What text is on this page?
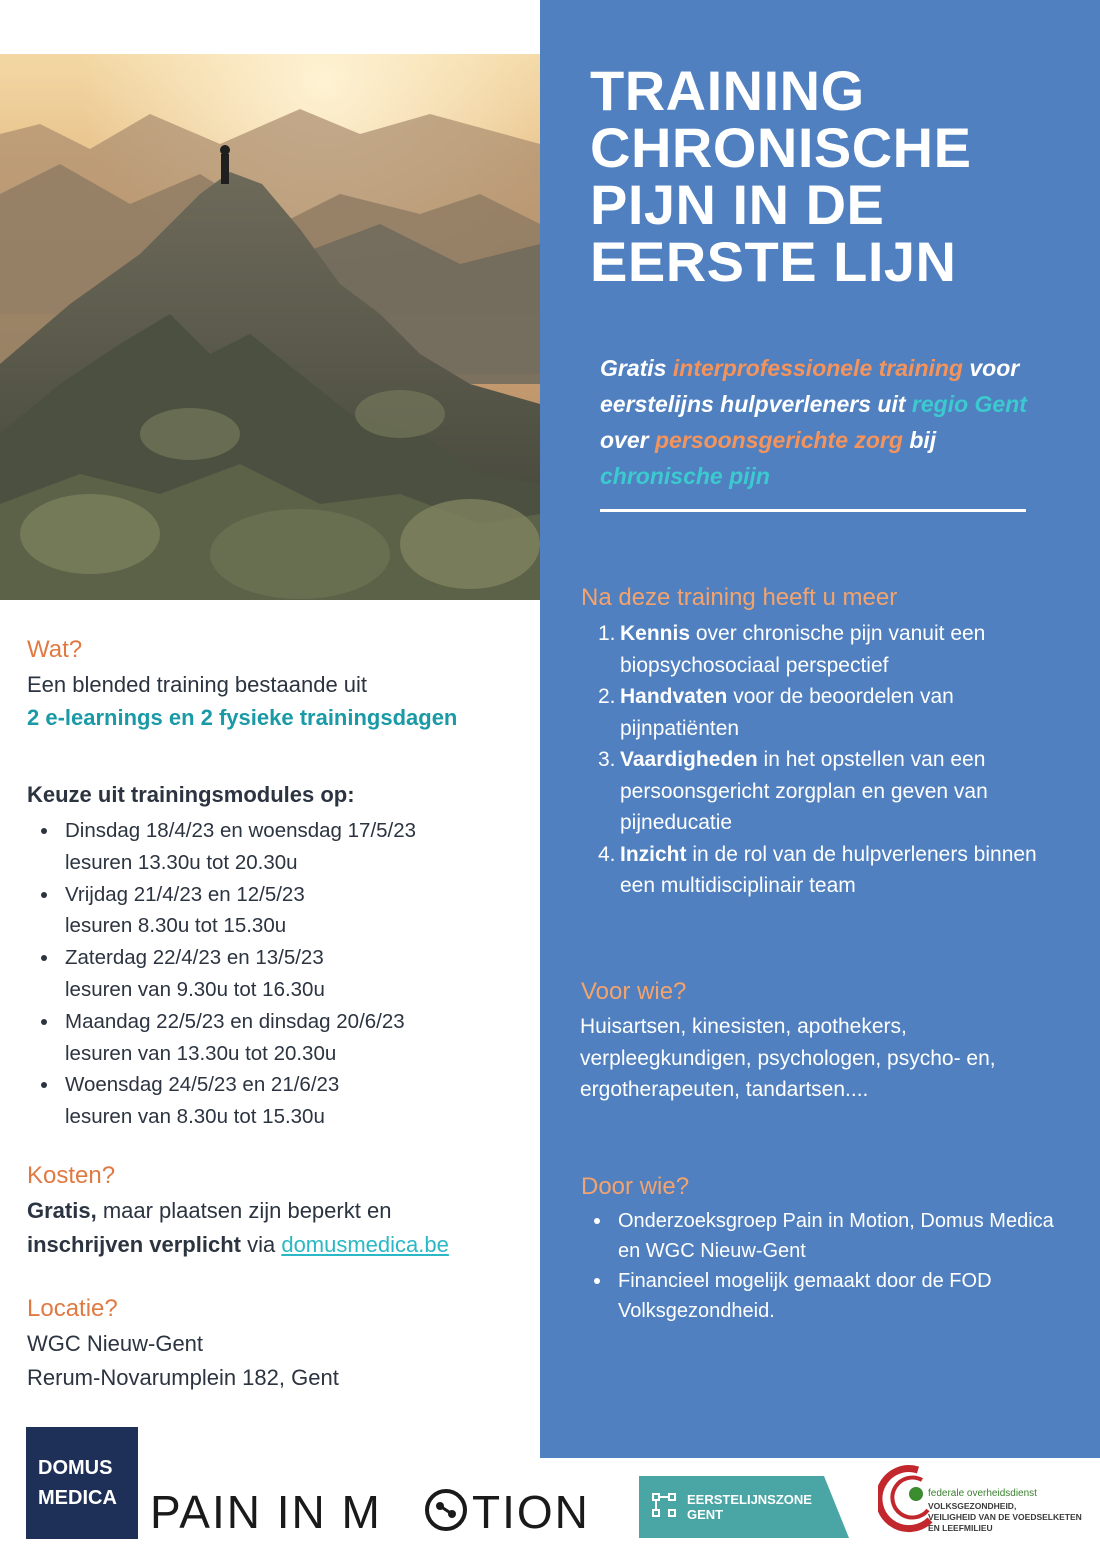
TRAINING CHRONISCHE PIJN IN DE EERSTE LIJN

Gratis interprofessionele training voor eerstelijns hulpverleners uit regio Gent over persoonsgerichte zorg bij chronische pijn

Na deze training heeft u meer
1. Kennis over chronische pijn vanuit een biopsychosociaal perspectief
2. Handvaten voor de beoordelen van pijnpatiënten
3. Vaardigheden in het opstellen van een persoonsgericht zorgplan en geven van pijneducatie
4. Inzicht in de rol van de hulpverleners binnen een multidisciplinair team
Voor wie?

Huisartsen, kinesisten, apothekers, verpleegkundigen, psychologen, psycho- en, ergotherapeuten, tandartsen....

Door wie?
Onderzoeksgroep Pain in Motion, Domus Medica en WGC Nieuw-Gent
Financieel mogelijk gemaakt door de FOD Volksgezondheid.
Wat?

Een blended training bestaande uit

2 e-learnings en 2 fysieke trainingsdagen

Keuze uit trainingsmodules op:
Dinsdag 18/4/23 en woensdag 17/5/23
lesuren 13.30u tot 20.30u
Vrijdag 21/4/23 en 12/5/23
lesuren 8.30u tot 15.30u
Zaterdag 22/4/23 en 13/5/23
lesuren van 9.30u tot 16.30u
Maandag 22/5/23 en dinsdag 20/6/23
lesuren van 13.30u tot 20.30u
Woensdag 24/5/23 en 21/6/23
lesuren van 8.30u tot 15.30u
Kosten?

Gratis, maar plaatsen zijn beperkt en

inschrijven verplicht via domusmedica.be

Locatie?

WGC Nieuw-Gent

Rerum-Novarumplein 182, Gent

DOMUS
MEDICA PAIN IN M TION	EERSTELIJNSZONE
GENT
federale overheidsdienst
VOLKSGEZONDHEID,
VEILIGHEID VAN DE VOEDSELKETEN
EN LEEFMILIEU
